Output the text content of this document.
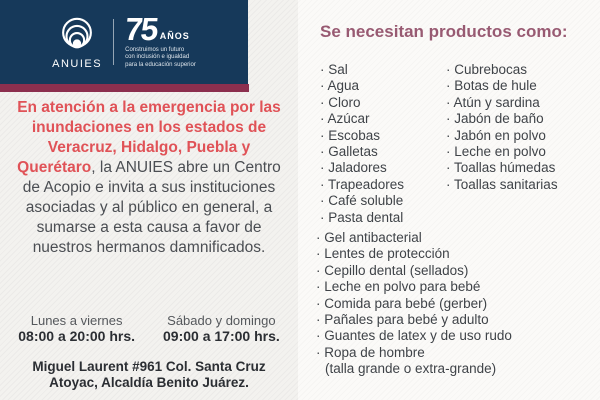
ANUIES
75 AÑOS
Construimos un futuro
con inclusión e igualdad
para la educación superior

En atención a la emergencia por las inundaciones en los estados de Veracruz, Hidalgo, Puebla y Querétaro, la ANUIES abre un Centro de Acopio e invita a sus instituciones asociadas y al público en general, a sumarse a esta causa a favor de nuestros hermanos damnificados.

Lunes a viernes
08:00 a 20:00 hrs.
Sábado y domingo
09:00 a 17:00 hrs.
Miguel Laurent #961 Col. Santa Cruz
Atoyac, Alcaldía Benito Juárez.
Se necesitan productos como:
· Sal
· Agua
· Cloro
· Azúcar
· Escobas
· Galletas
· Jaladores
· Trapeadores
· Café soluble
· Pasta dental
· Cubrebocas
· Botas de hule
· Atún y sardina
· Jabón de baño
· Jabón en polvo
· Leche en polvo
· Toallas húmedas
· Toallas sanitarias
· Gel antibacterial
· Lentes de protección
· Cepillo dental (sellados)
· Leche en polvo para bebé
· Comida para bebé (gerber)
· Pañales para bebé y adulto
· Guantes de latex y de uso rudo
· Ropa de hombre
(talla grande o extra-grande)
